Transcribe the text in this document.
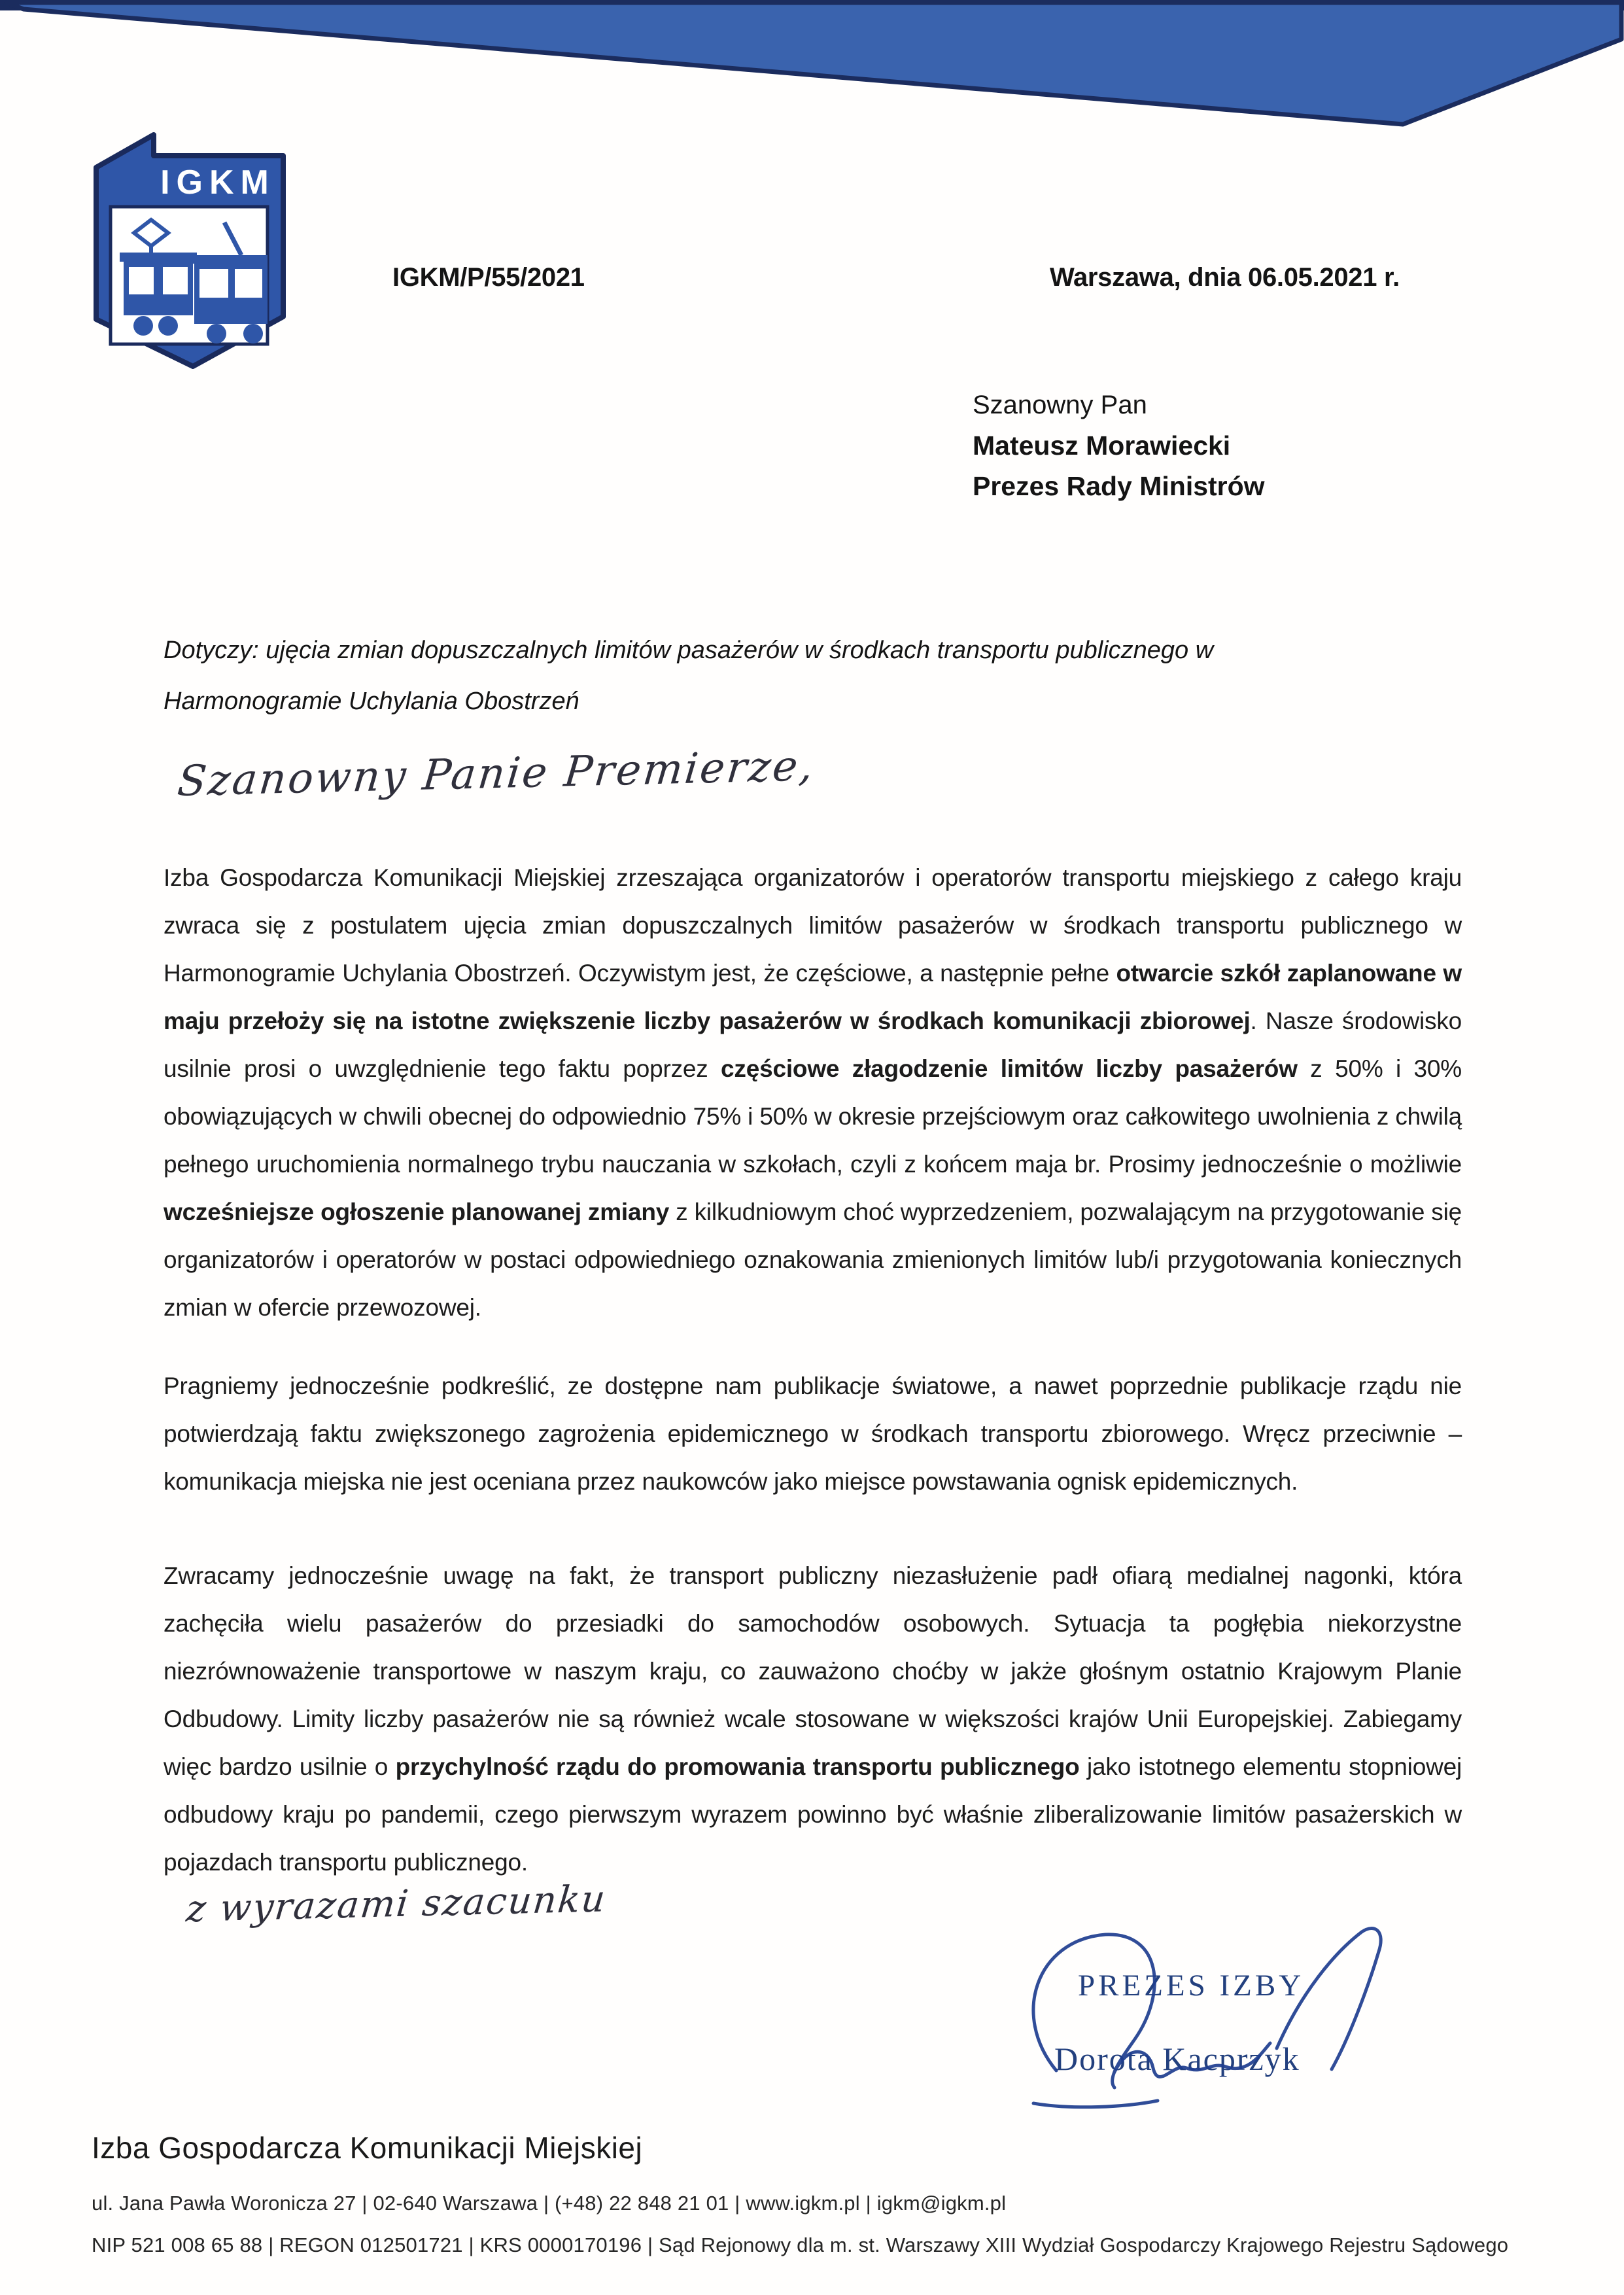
IGKM
IGKM/P/55/2021	Warszawa, dnia 06.05.2021 r.
Szanowny Pan
Mateusz Morawiecki
Prezes Rady Ministrów
Dotyczy: ujęcia zmian dopuszczalnych limitów pasażerów w środkach transportu publicznego w Harmonogramie Uchylania Obostrzeń
Szanowny Panie Premierze,
Izba Gospodarcza Komunikacji Miejskiej zrzeszająca organizatorów i operatorów transportu miejskiego z całego kraju zwraca się z postulatem ujęcia zmian dopuszczalnych limitów pasażerów w środkach transportu publicznego w Harmonogramie Uchylania Obostrzeń. Oczywistym jest, że częściowe, a następnie pełne otwarcie szkół zaplanowane w maju przełoży się na istotne zwiększenie liczby pasażerów w środkach komunikacji zbiorowej. Nasze środowisko usilnie prosi o uwzględnienie tego faktu poprzez częściowe złagodzenie limitów liczby pasażerów z 50% i 30% obowiązujących w chwili obecnej do odpowiednio 75% i 50% w okresie przejściowym oraz całkowitego uwolnienia z chwilą pełnego uruchomienia normalnego trybu nauczania w szkołach, czyli z końcem maja br. Prosimy jednocześnie o możliwie wcześniejsze ogłoszenie planowanej zmiany z kilkudniowym choć wyprzedzeniem, pozwalającym na przygotowanie się organizatorów i operatorów w postaci odpowiedniego oznakowania zmienionych limitów lub/i przygotowania koniecznych zmian w ofercie przewozowej.
Pragniemy jednocześnie podkreślić, ze dostępne nam publikacje światowe, a nawet poprzednie publikacje rządu nie potwierdzają faktu zwiększonego zagrożenia epidemicznego w środkach transportu zbiorowego. Wręcz przeciwnie – komunikacja miejska nie jest oceniana przez naukowców jako miejsce powstawania ognisk epidemicznych.
Zwracamy jednocześnie uwagę na fakt, że transport publiczny niezasłużenie padł ofiarą medialnej nagonki, która zachęciła wielu pasażerów do przesiadki do samochodów osobowych. Sytuacja ta pogłębia niekorzystne niezrównoważenie transportowe w naszym kraju, co zauważono choćby w jakże głośnym ostatnio Krajowym Planie Odbudowy. Limity liczby pasażerów nie są również wcale stosowane w większości krajów Unii Europejskiej. Zabiegamy więc bardzo usilnie o przychylność rządu do promowania transportu publicznego jako istotnego elementu stopniowej odbudowy kraju po pandemii, czego pierwszym wyrazem powinno być właśnie zliberalizowanie limitów pasażerskich w pojazdach transportu publicznego.
z wyrazami szacunku
PREZES IZBY
Dorota Kacprzyk
Izba Gospodarcza Komunikacji Miejskiej
ul. Jana Pawła Woronicza 27 | 02-640 Warszawa | (+48) 22 848 21 01 | www.igkm.pl | igkm@igkm.pl
NIP 521 008 65 88 | REGON 012501721 | KRS 0000170196 | Sąd Rejonowy dla m. st. Warszawy XIII Wydział Gospodarczy Krajowego Rejestru Sądowego
